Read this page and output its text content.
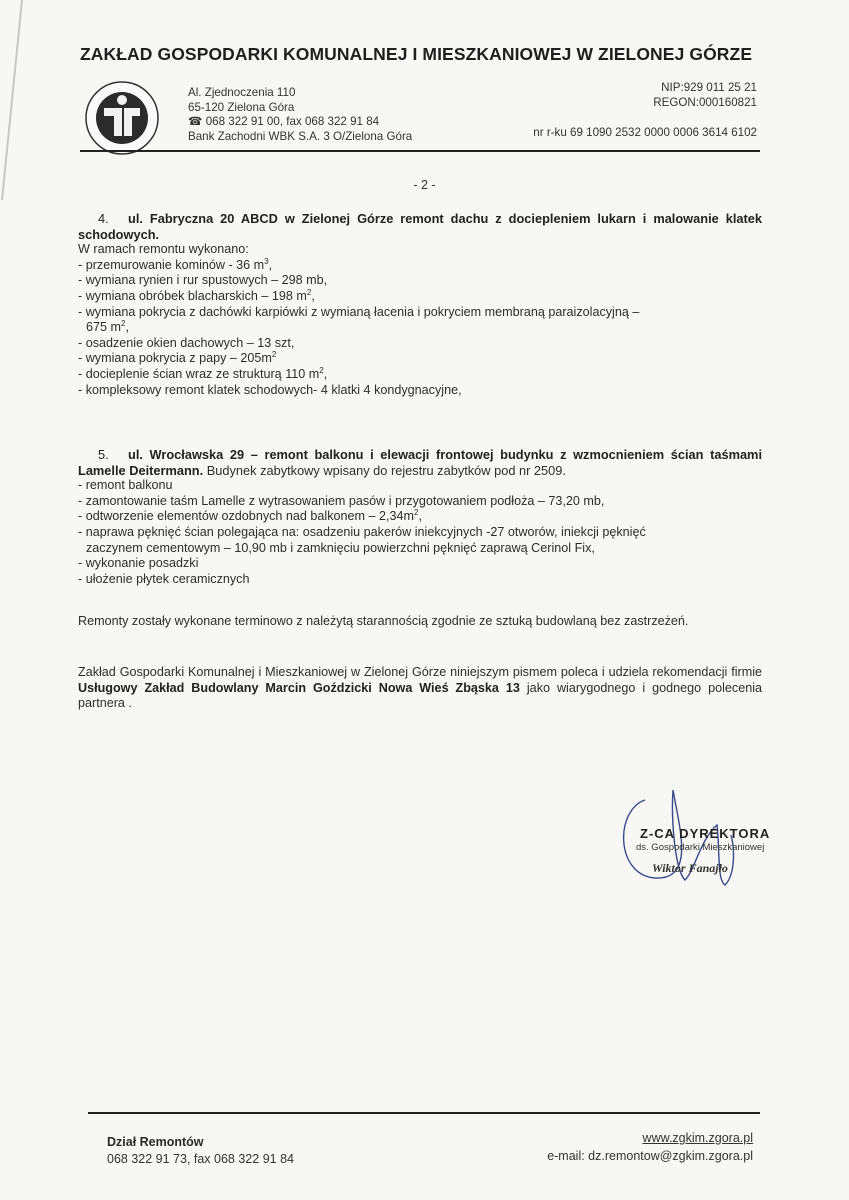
ZAKŁAD GOSPODARKI KOMUNALNEJ I MIESZKANIOWEJ W ZIELONEJ GÓRZE
Al. Zjednoczenia 110
65-120 Zielona Góra
☎ 068 322 91 00, fax 068 322 91 84
Bank Zachodni WBK S.A. 3 O/Zielona Góra
NIP:929 011 25 21
REGON:000160821
nr r-ku 69 1090 2532 0000 0006 3614 6102
- 2 -
4. ul. Fabryczna 20 ABCD w Zielonej Górze remont dachu z dociepleniem lukarn i malowanie klatek schodowych.
W ramach remontu wykonano:
- przemurowanie kominów - 36 $m^3$,
- wymiana rynien i rur spustowych – 298 mb,
- wymiana obróbek blacharskich – 198 $m^2$,
- wymiana pokrycia z dachówki karpiówki z wymianą łacenia i pokryciem membraną paraizolacyjną –
675 $m^2$,
- osadzenie okien dachowych – 13 szt,
- wymiana pokrycia z papy – $205m^2$
- docieplenie ścian wraz ze strukturą 110 $m^2$,
- kompleksowy remont klatek schodowych- 4 klatki 4 kondygnacyjne,
5. ul. Wrocławska 29 – remont balkonu i elewacji frontowej budynku z wzmocnieniem ścian taśmami Lamelle Deitermann. Budynek zabytkowy wpisany do rejestru zabytków pod nr 2509.
- remont balkonu
- zamontowanie taśm Lamelle z wytrasowaniem pasów i przygotowaniem podłoża – 73,20 mb,
- odtworzenie elementów ozdobnych nad balkonem – $2,34m^2$,
- naprawa pęknięć ścian polegająca na: osadzeniu pakerów iniekcyjnych -27 otworów, iniekcji pęknięć
zaczynem cementowym – 10,90 mb i zamknięciu powierzchni pęknięć zaprawą Cerinol Fix,
- wykonanie posadzki
- ułożenie płytek ceramicznych
Remonty zostały wykonane terminowo z należytą starannością zgodnie ze sztuką budowlaną bez zastrzeżeń.
Zakład Gospodarki Komunalnej i Mieszkaniowej w Zielonej Górze niniejszym pismem poleca i udziela rekomendacji firmie Usługowy Zakład Budowlany Marcin Goździcki Nowa Wieś Zbąska 13 jako wiarygodnego i godnego polecenia partnera .
Z-CA DYREKTORA
ds. Gospodarki Mieszkaniowej
Wiktor Fanajło
Dział Remontów
068 322 91 73, fax 068 322 91 84
www.zgkim.zgora.pl
e-mail: dz.remontow@zgkim.zgora.pl
